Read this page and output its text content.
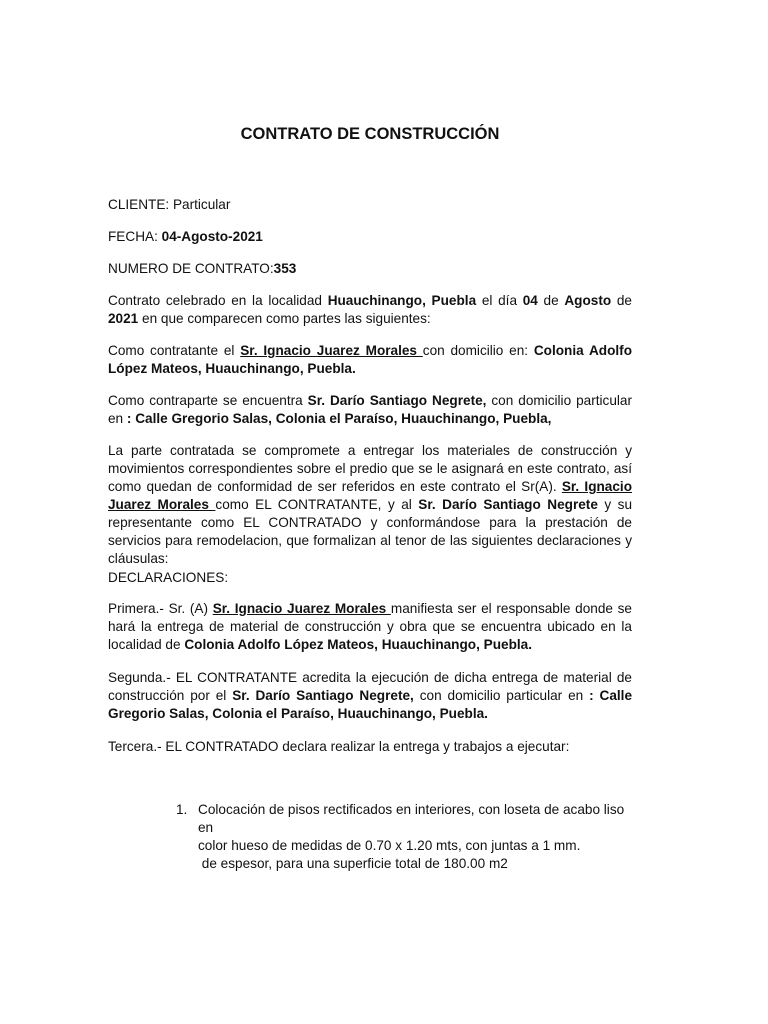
CONTRATO DE CONSTRUCCIÓN

CLIENTE: Particular

FECHA: 04-Agosto-2021

NUMERO DE CONTRATO:353

Contrato celebrado en la localidad Huauchinango, Puebla el día 04 de Agosto de 2021 en que comparecen como partes las siguientes:

Como contratante el Sr. Ignacio Juarez Morales con domicilio en: Colonia Adolfo López Mateos, Huauchinango, Puebla.

Como contraparte se encuentra Sr. Darío Santiago Negrete, con domicilio particular en : Calle Gregorio Salas, Colonia el Paraíso, Huauchinango, Puebla,

La parte contratada se compromete a entregar los materiales de construcción y movimientos correspondientes sobre el predio que se le asignará en este contrato, así como quedan de conformidad de ser referidos en este contrato el Sr(A). Sr. Ignacio Juarez Morales como EL CONTRATANTE, y al Sr. Darío Santiago Negrete y su representante como EL CONTRATADO y conformándose para la prestación de servicios para remodelacion, que formalizan al tenor de las siguientes declaraciones y cláusulas:

DECLARACIONES:

Primera.- Sr. (A) Sr. Ignacio Juarez Morales manifiesta ser el responsable donde se hará la entrega de material de construcción y obra que se encuentra ubicado en la localidad de Colonia Adolfo López Mateos, Huauchinango, Puebla.

Segunda.- EL CONTRATANTE acredita la ejecución de dicha entrega de material de construcción por el Sr. Darío Santiago Negrete, con domicilio particular en : Calle Gregorio Salas, Colonia el Paraíso, Huauchinango, Puebla.

Tercera.- EL CONTRATADO declara realizar la entrega y trabajos a ejecutar:

1. Colocación de pisos rectificados en interiores, con loseta de acabo liso en
color hueso de medidas de 0.70 x 1.20 mts, con juntas a 1 mm.
de espesor, para una superficie total de 180.00 m2
